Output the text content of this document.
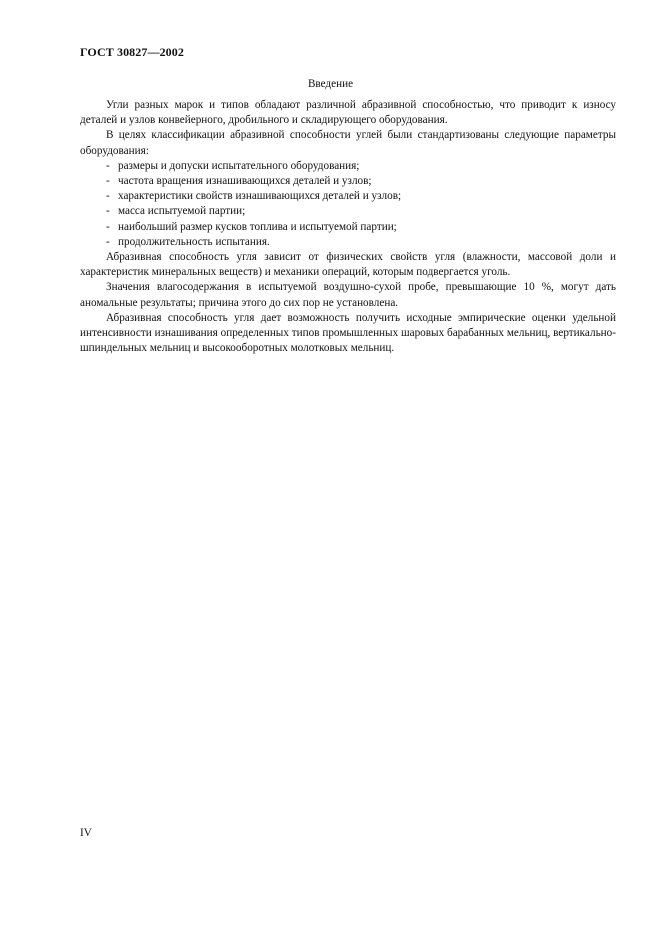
ГОСТ 30827—2002
Введение

Угли разных марок и типов обладают различной абразивной способностью, что приводит к износу деталей и узлов конвейерного, дробильного и складирующего оборудования.

В целях классификации абразивной способности углей были стандартизованы следующие параметры оборудования:

- размеры и допуски испытательного оборудования;
- частота вращения изнашивающихся деталей и узлов;
- характеристики свойств изнашивающихся деталей и узлов;
- масса испытуемой партии;
- наибольший размер кусков топлива и испытуемой партии;
- продолжительность испытания.

Абразивная способность угля зависит от физических свойств угля (влажности, массовой доли и характеристик минеральных веществ) и механики операций, которым подвергается уголь.

Значения влагосодержания в испытуемой воздушно-сухой пробе, превышающие 10 %, могут дать аномальные результаты; причина этого до сих пор не установлена.

Абразивная способность угля дает возможность получить исходные эмпирические оценки удельной интенсивности изнашивания определенных типов промышленных шаровых барабанных мельниц, вертикально-шпиндельных мельниц и высокооборотных молотковых мельниц.

IV
